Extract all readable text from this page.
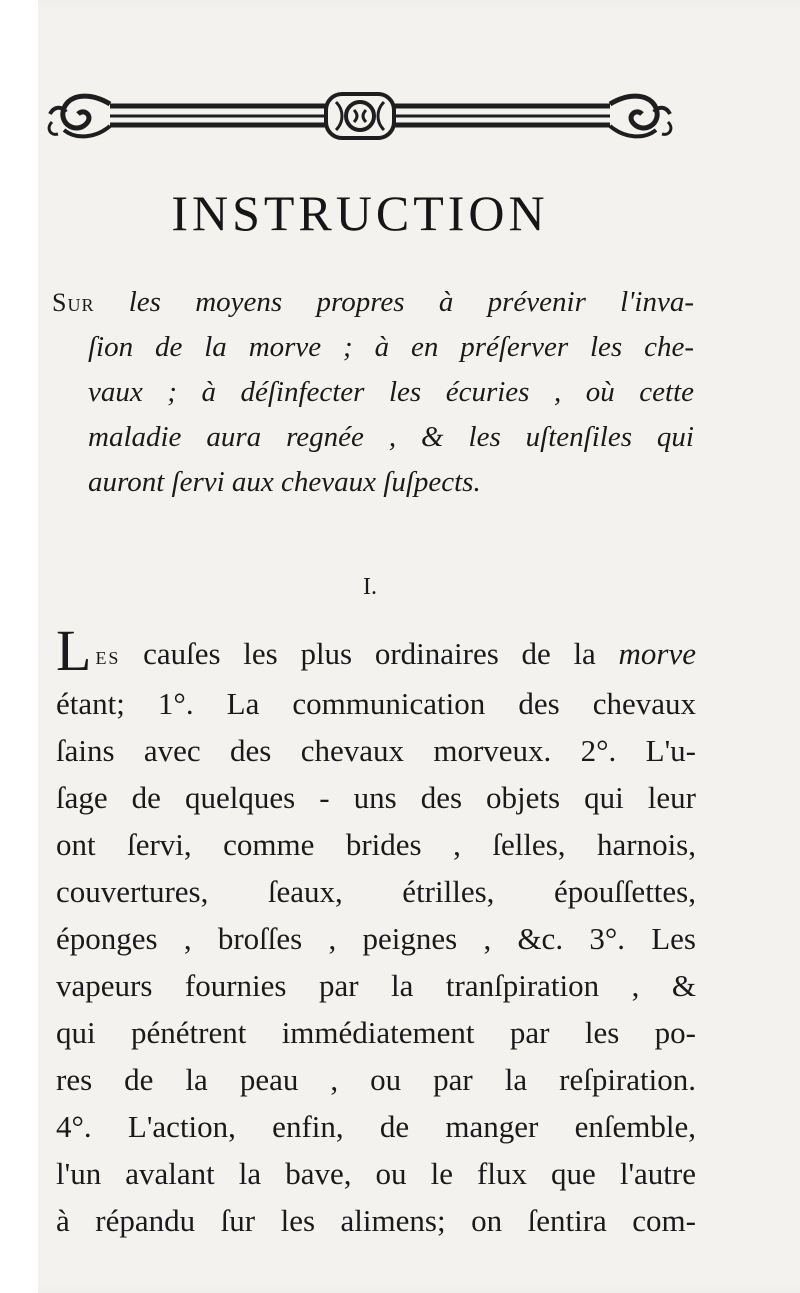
INSTRUCTION
Sur les moyens propres à prévenir l'inva-
ſion de la morve ; à en préſerver les che-
vaux ; à déſinfecter les écuries , où cette
maladie aura regnée , & les uſtenſiles qui
auront ſervi aux chevaux ſuſpects.
I.
Les cauſes les plus ordinaires de la morve
étant; 1°. La communication des chevaux
ſains avec des chevaux morveux. 2°. L'u-
ſage de quelques - uns des objets qui leur
ont ſervi, comme brides , ſelles, harnois,
couvertures, ſeaux, étrilles, épouſſettes,
éponges , broſſes , peignes , &c. 3°. Les
vapeurs fournies par la tranſpiration , &
qui pénétrent immédiatement par les po-
res de la peau , ou par la reſpiration.
4°. L'action, enfin, de manger enſemble,
l'un avalant la bave, ou le flux que l'autre
à répandu ſur les alimens; on ſentira com-
